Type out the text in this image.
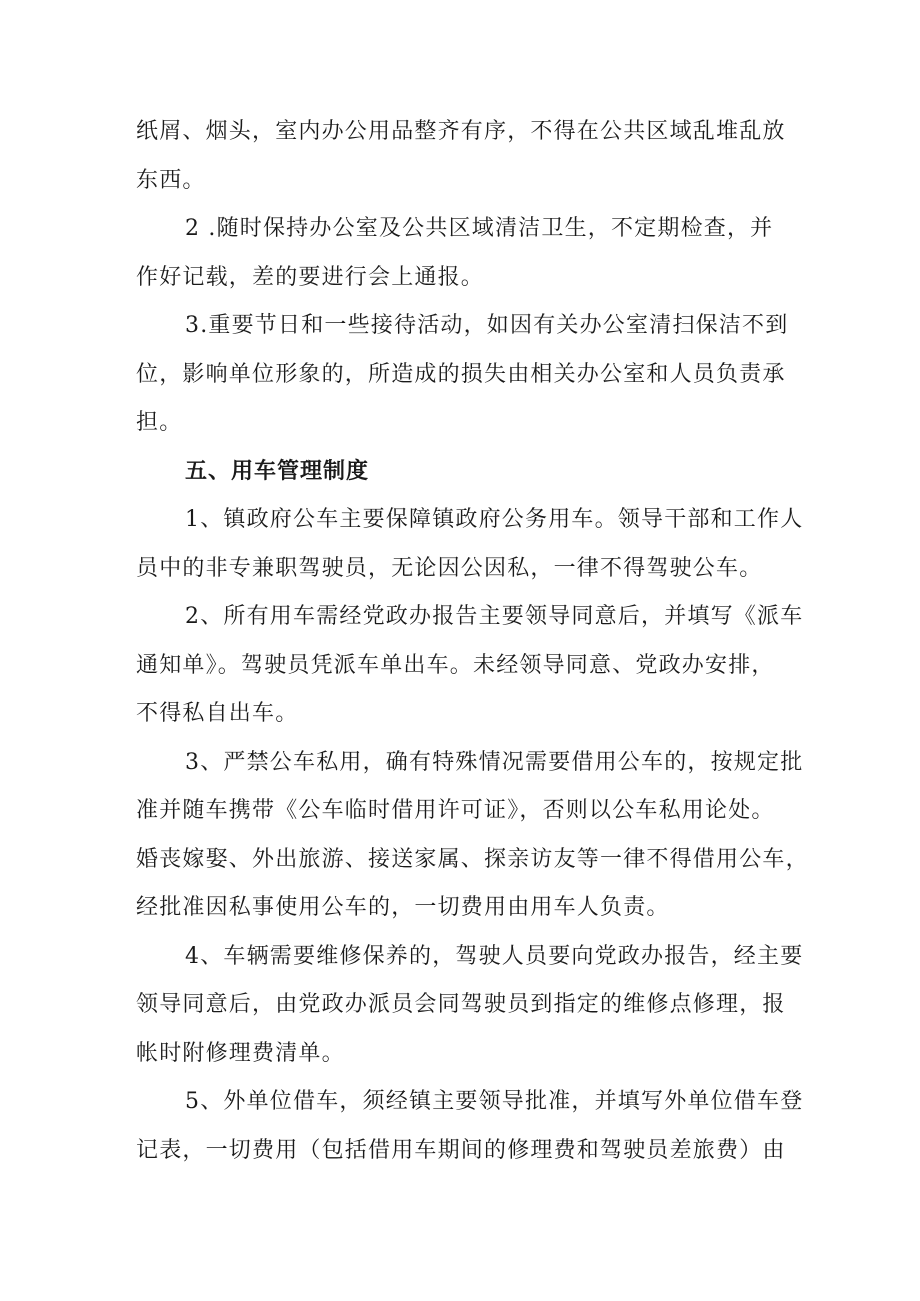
纸屑、烟头，室内办公用品整齐有序，不得在公共区域乱堆乱放
东西。

2 .随时保持办公室及公共区域清洁卫生，不定期检查，并
作好记载，差的要进行会上通报。

3.重要节日和一些接待活动，如因有关办公室清扫保洁不到
位，影响单位形象的，所造成的损失由相关办公室和人员负责承
担。

五、用车管理制度

1、镇政府公车主要保障镇政府公务用车。领导干部和工作人
员中的非专兼职驾驶员，无论因公因私，一律不得驾驶公车。

2、所有用车需经党政办报告主要领导同意后，并填写《派车
通知单》。驾驶员凭派车单出车。未经领导同意、党政办安排，
不得私自出车。

3、严禁公车私用，确有特殊情况需要借用公车的，按规定批
准并随车携带《公车临时借用许可证》，否则以公车私用论处。
婚丧嫁娶、外出旅游、接送家属、探亲访友等一律不得借用公车，
经批准因私事使用公车的，一切费用由用车人负责。

4、车辆需要维修保养的，驾驶人员要向党政办报告，经主要
领导同意后，由党政办派员会同驾驶员到指定的维修点修理，报
帐时附修理费清单。

5、外单位借车，须经镇主要领导批准，并填写外单位借车登
记表，一切费用（包括借用车期间的修理费和驾驶员差旅费）由
